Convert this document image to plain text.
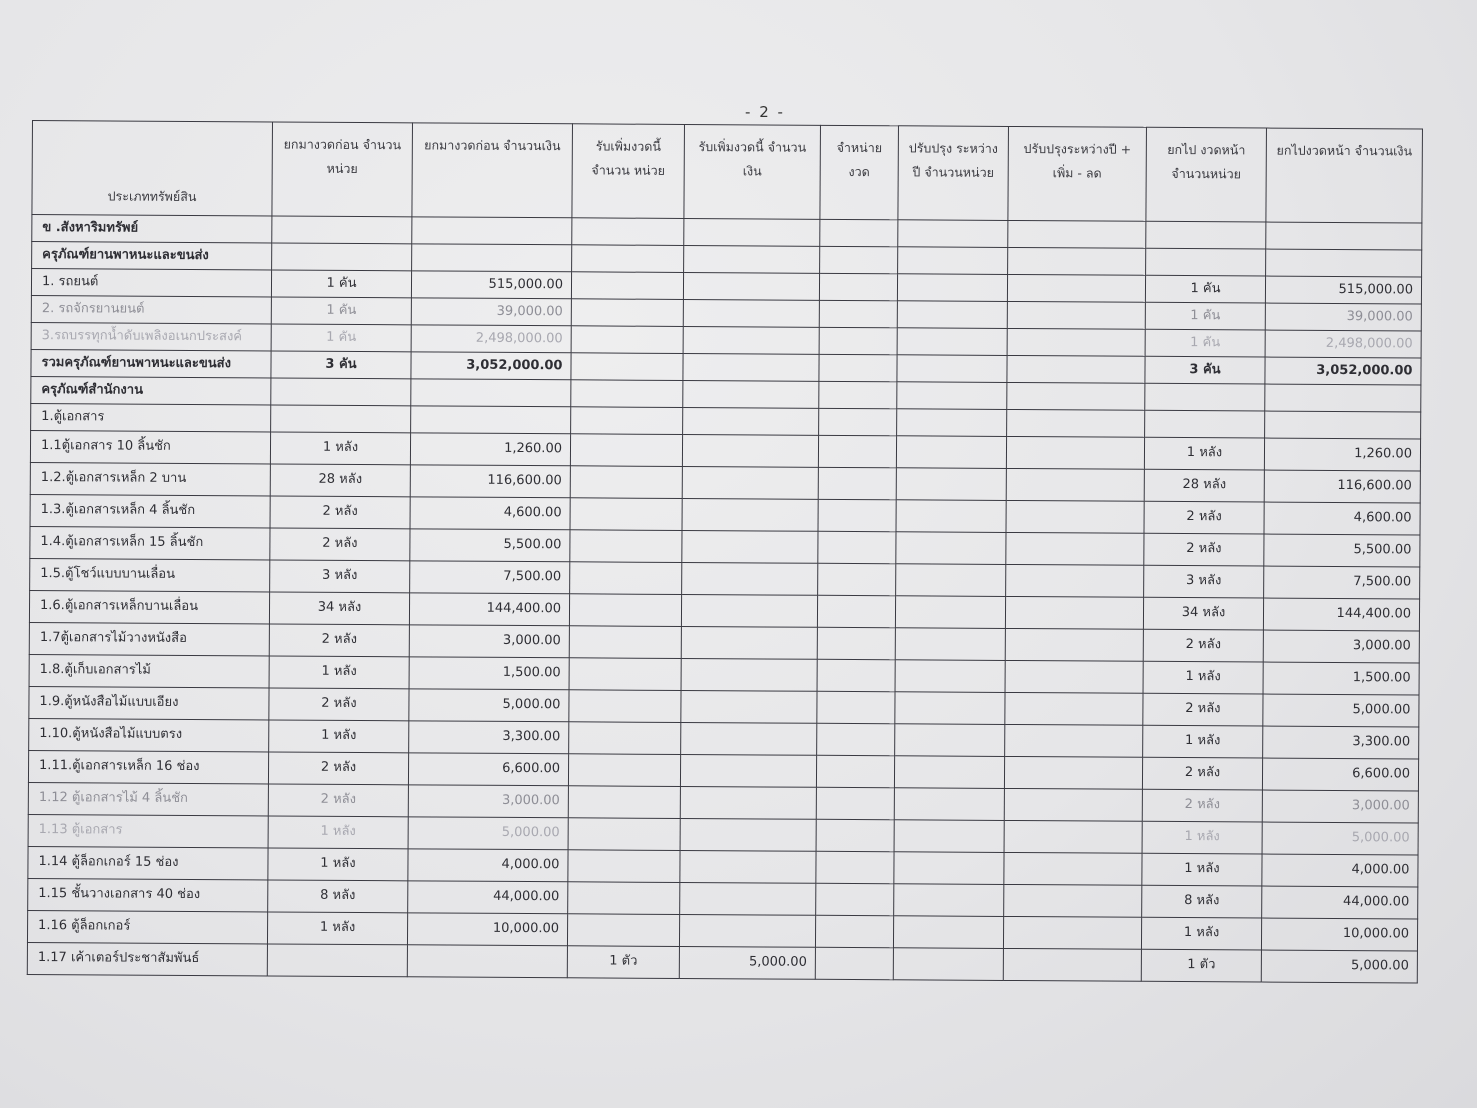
- 2 -
ประเภททรัพย์สิน	ยกมางวดก่อน จำนวน หน่วย	ยกมางวดก่อน จำนวนเงิน	รับเพิ่มงวดนี้ จำนวน หน่วย	รับเพิ่มงวดนี้ จำนวนเงิน	จำหน่ายงวด	ปรับปรุง ระหว่างปี จำนวนหน่วย	ปรับปรุงระหว่างปี + เพิ่ม - ลด	ยกไป งวดหน้า จำนวนหน่วย	ยกไปงวดหน้า จำนวนเงิน
ข .สังหาริมทรัพย์									
ครุภัณฑ์ยานพาหนะและขนส่ง									
1. รถยนต์	1 คัน	515,000.00						1 คัน	515,000.00
2. รถจักรยานยนต์	1 คัน	39,000.00						1 คัน	39,000.00
3.รถบรรทุกน้ำดับเพลิงอเนกประสงค์	1 คัน	2,498,000.00						1 คัน	2,498,000.00
รวมครุภัณฑ์ยานพาหนะและขนส่ง	3 คัน	3,052,000.00						3 คัน	3,052,000.00
ครุภัณฑ์สำนักงาน									
1.ตู้เอกสาร									
1.1ตู้เอกสาร 10 ลิ้นชัก	1 หลัง	1,260.00						1 หลัง	1,260.00
1.2.ตู้เอกสารเหล็ก 2 บาน	28 หลัง	116,600.00						28 หลัง	116,600.00
1.3.ตู้เอกสารเหล็ก 4 ลิ้นชัก	2 หลัง	4,600.00						2 หลัง	4,600.00
1.4.ตู้เอกสารเหล็ก 15 ลิ้นชัก	2 หลัง	5,500.00						2 หลัง	5,500.00
1.5.ตู้โชว์แบบบานเลื่อน	3 หลัง	7,500.00						3 หลัง	7,500.00
1.6.ตู้เอกสารเหล็กบานเลื่อน	34 หลัง	144,400.00						34 หลัง	144,400.00
1.7ตู้เอกสารไม้วางหนังสือ	2 หลัง	3,000.00						2 หลัง	3,000.00
1.8.ตู้เก็บเอกสารไม้	1 หลัง	1,500.00						1 หลัง	1,500.00
1.9.ตู้หนังสือไม้แบบเอียง	2 หลัง	5,000.00						2 หลัง	5,000.00
1.10.ตู้หนังสือไม้แบบตรง	1 หลัง	3,300.00						1 หลัง	3,300.00
1.11.ตู้เอกสารเหล็ก 16 ช่อง	2 หลัง	6,600.00						2 หลัง	6,600.00
1.12 ตู้เอกสารไม้ 4 ลิ้นชัก	2 หลัง	3,000.00						2 หลัง	3,000.00
1.13 ตู้เอกสาร	1 หลัง	5,000.00						1 หลัง	5,000.00
1.14 ตู้ล็อกเกอร์ 15 ช่อง	1 หลัง	4,000.00						1 หลัง	4,000.00
1.15 ชั้นวางเอกสาร 40 ช่อง	8 หลัง	44,000.00						8 หลัง	44,000.00
1.16 ตู้ล็อกเกอร์	1 หลัง	10,000.00						1 หลัง	10,000.00
1.17 เค้าเตอร์ประชาสัมพันธ์			1 ตัว	5,000.00				1 ตัว	5,000.00
